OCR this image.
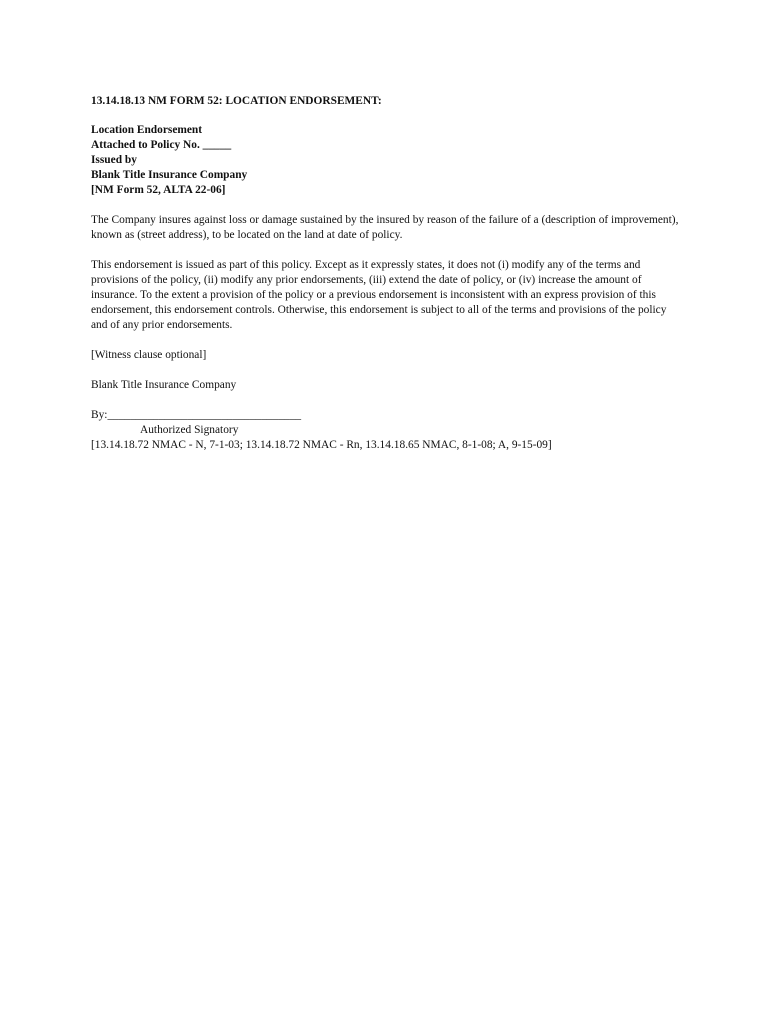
13.14.18.13 NM FORM 52: LOCATION ENDORSEMENT:
Location Endorsement
Attached to Policy No. _____
Issued by
Blank Title Insurance Company
[NM Form 52, ALTA 22-06]

The Company insures against loss or damage sustained by the insured by reason of the failure of a (description of improvement), known as (street address), to be located on the land at date of policy.

This endorsement is issued as part of this policy. Except as it expressly states, it does not (i) modify any of the terms and provisions of the policy, (ii) modify any prior endorsements, (iii) extend the date of policy, or (iv) increase the amount of insurance. To the extent a provision of the policy or a previous endorsement is inconsistent with an express provision of this endorsement, this endorsement controls. Otherwise, this endorsement is subject to all of the terms and provisions of the policy and of any prior endorsements.

[Witness clause optional]

Blank Title Insurance Company

By:__________________________________
Authorized Signatory
[13.14.18.72 NMAC - N, 7-1-03; 13.14.18.72 NMAC - Rn, 13.14.18.65 NMAC, 8-1-08; A, 9-15-09]
